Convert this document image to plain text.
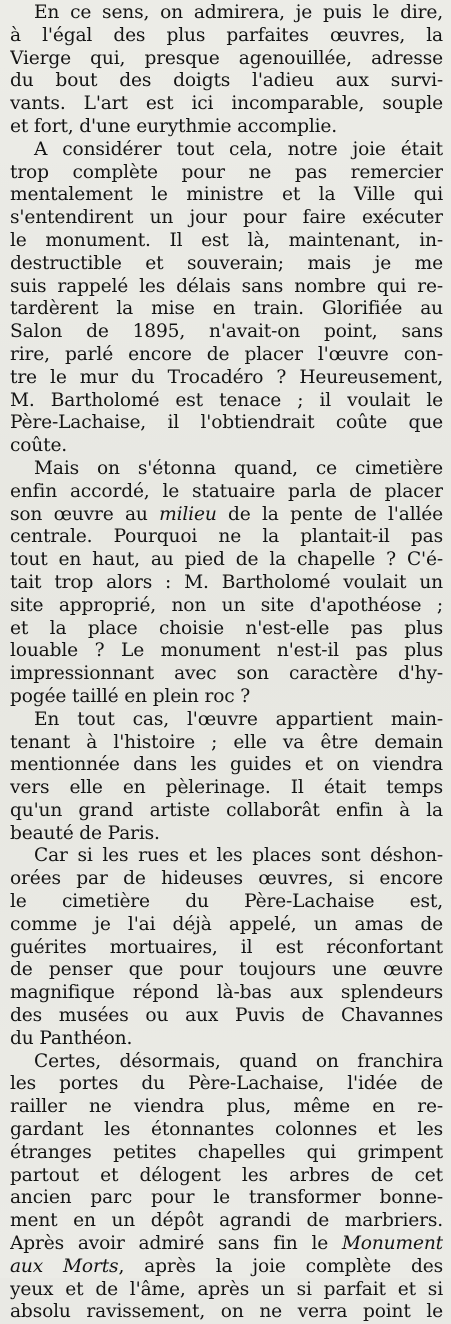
En ce sens, on admirera, je puis le dire,
à l'égal des plus parfaites œuvres, la
Vierge qui, presque agenouillée, adresse
du bout des doigts l'adieu aux survi-
vants. L'art est ici incomparable, souple
et fort, d'une eurythmie accomplie.
A considérer tout cela, notre joie était
trop complète pour ne pas remercier
mentalement le ministre et la Ville qui
s'entendirent un jour pour faire exécuter
le monument. Il est là, maintenant, in-
destructible et souverain; mais je me
suis rappelé les délais sans nombre qui re-
tardèrent la mise en train. Glorifiée au
Salon de 1895, n'avait-on point, sans
rire, parlé encore de placer l'œuvre con-
tre le mur du Trocadéro ? Heureusement,
M. Bartholomé est tenace ; il voulait le
Père-Lachaise, il l'obtiendrait coûte que
coûte.
Mais on s'étonna quand, ce cimetière
enfin accordé, le statuaire parla de placer
son œuvre au milieu de la pente de l'allée
centrale. Pourquoi ne la plantait-il pas
tout en haut, au pied de la chapelle ? C'é-
tait trop alors : M. Bartholomé voulait un
site approprié, non un site d'apothéose ;
et la place choisie n'est-elle pas plus
louable ? Le monument n'est-il pas plus
impressionnant avec son caractère d'hy-
pogée taillé en plein roc ?
En tout cas, l'œuvre appartient main-
tenant à l'histoire ; elle va être demain
mentionnée dans les guides et on viendra
vers elle en pèlerinage. Il était temps
qu'un grand artiste collaborât enfin à la
beauté de Paris.
Car si les rues et les places sont déshon-
orées par de hideuses œuvres, si encore
le cimetière du Père-Lachaise est,
comme je l'ai déjà appelé, un amas de
guérites mortuaires, il est réconfortant
de penser que pour toujours une œuvre
magnifique répond là-bas aux splendeurs
des musées ou aux Puvis de Chavannes
du Panthéon.
Certes, désormais, quand on franchira
les portes du Père-Lachaise, l'idée de
railler ne viendra plus, même en re-
gardant les étonnantes colonnes et les
étranges petites chapelles qui grimpent
partout et délogent les arbres de cet
ancien parc pour le transformer bonne-
ment en un dépôt agrandi de marbriers.
Après avoir admiré sans fin le Monument
aux Morts, après la joie complète des
yeux et de l'âme, après un si parfait et si
absolu ravissement, on ne verra point le
